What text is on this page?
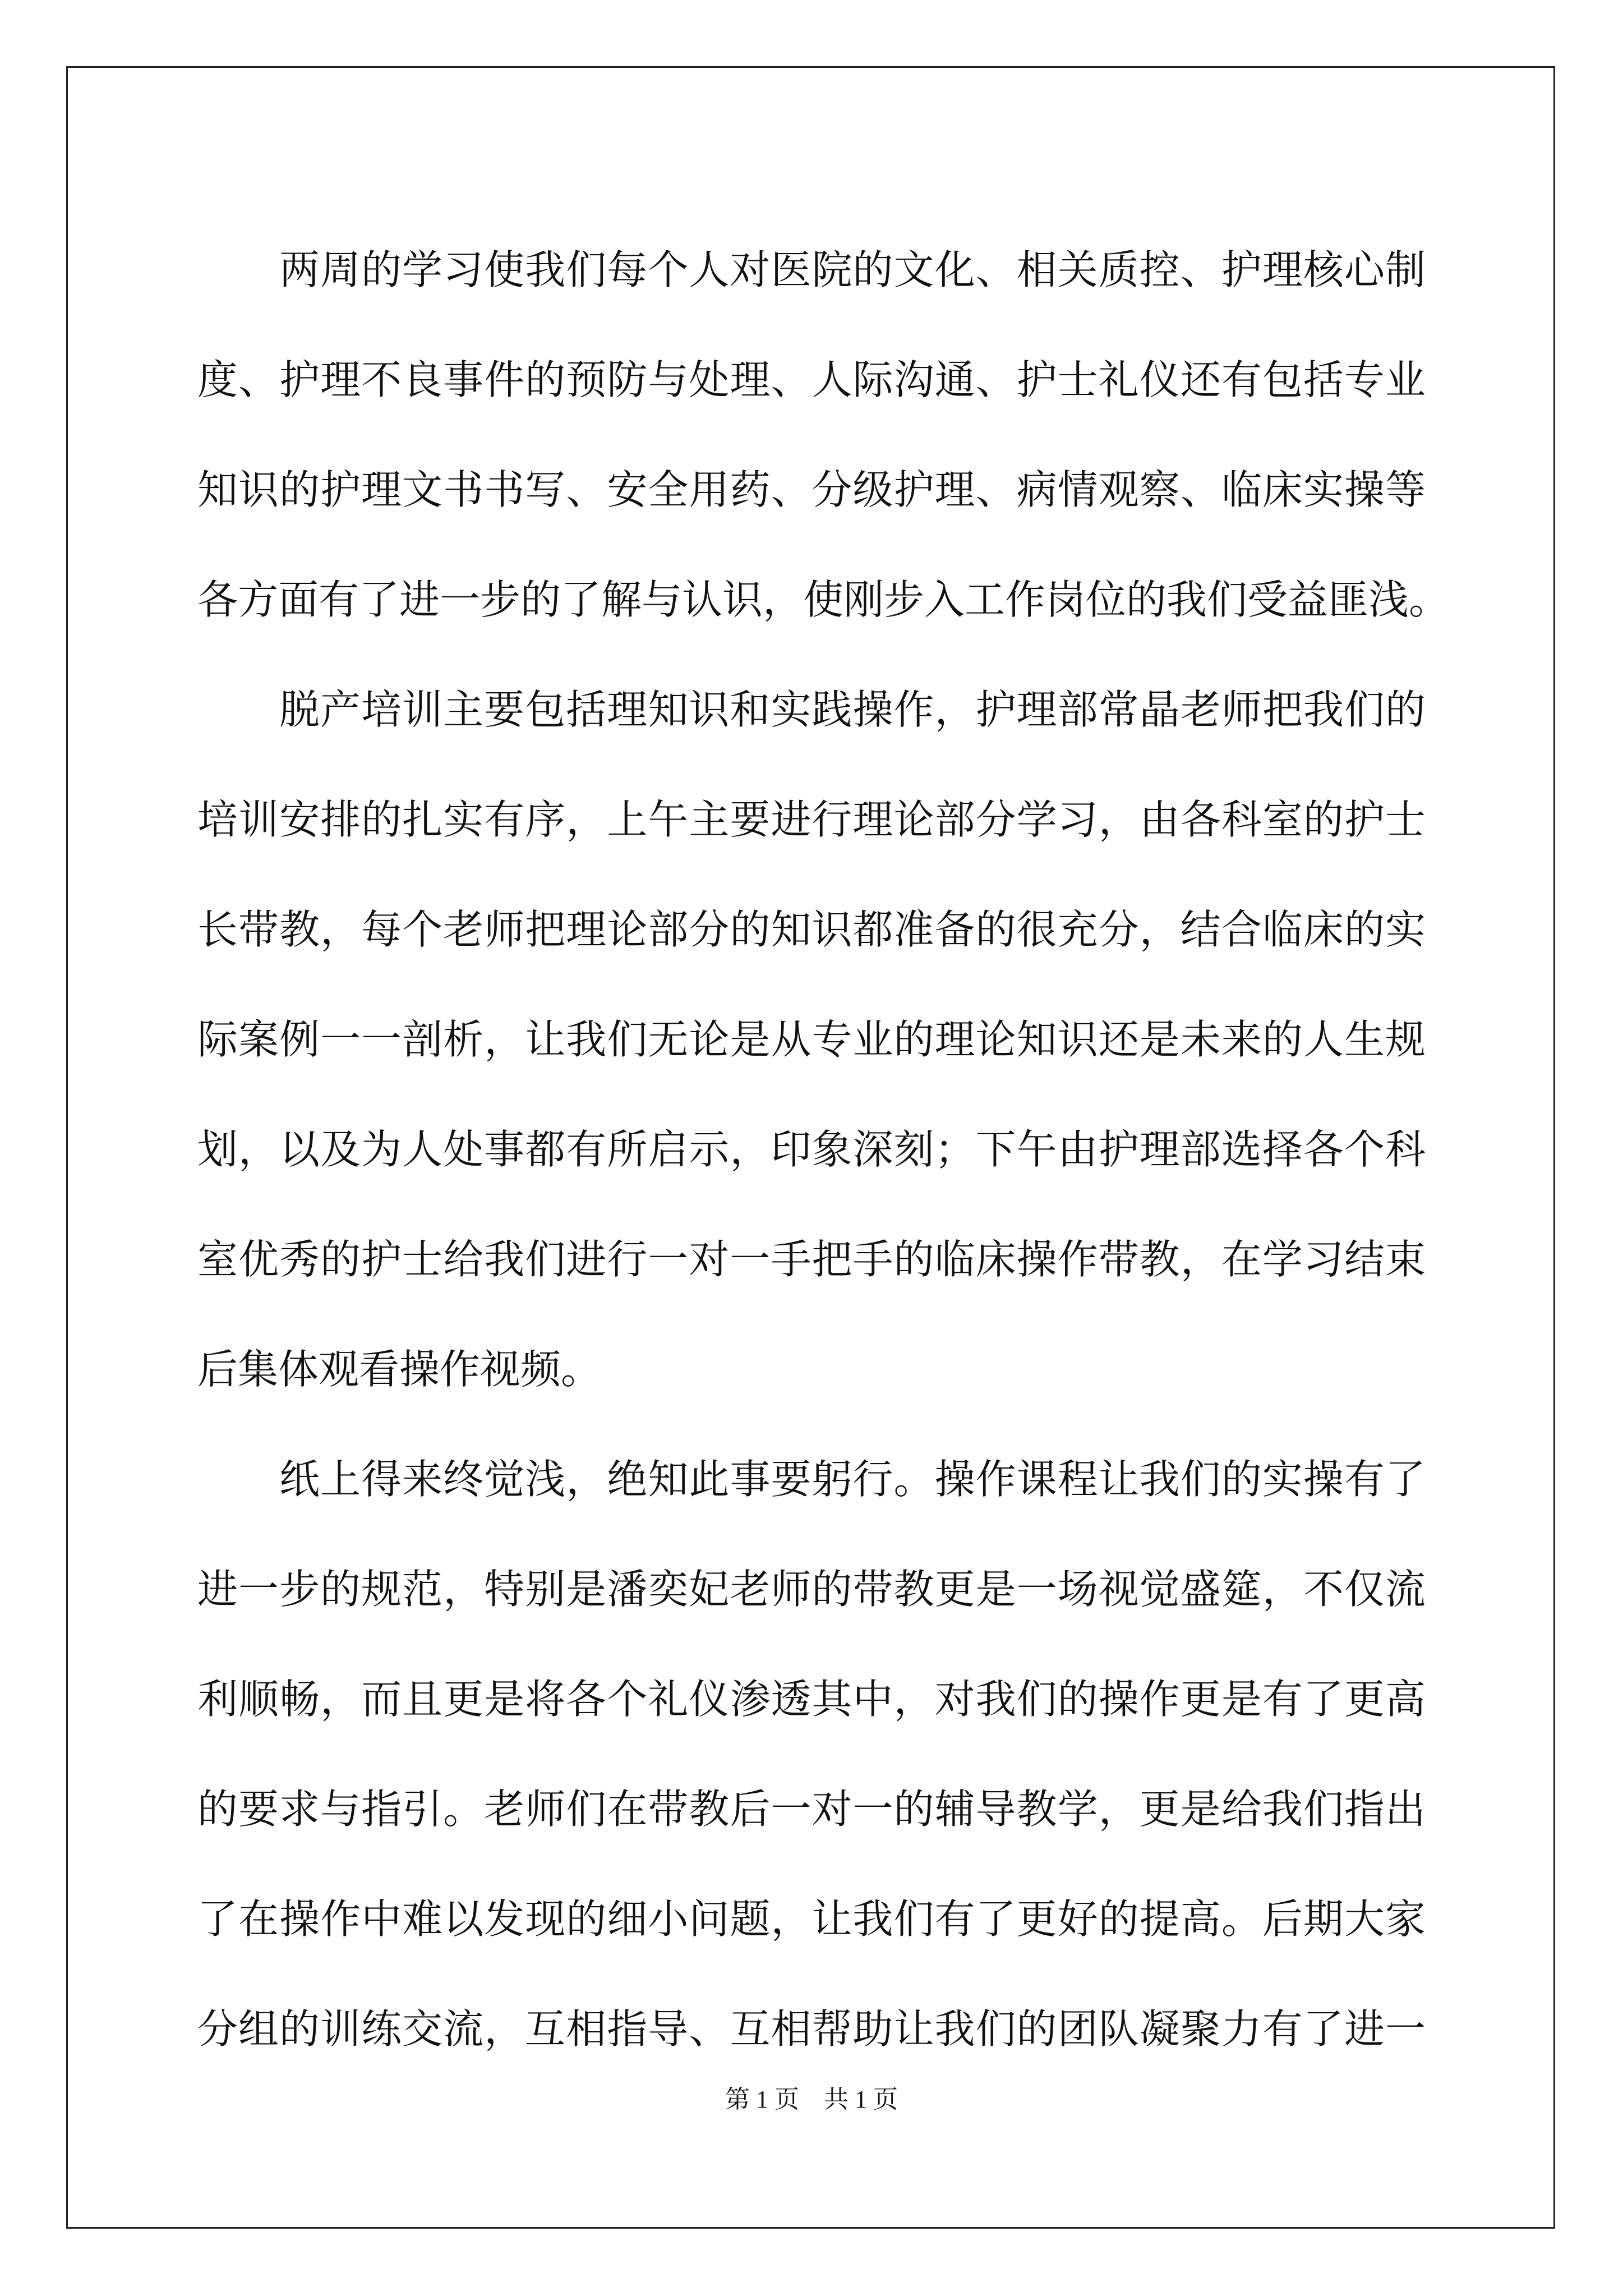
两周的学习使我们每个人对医院的文化、相关质控、护理核心制
度、护理不良事件的预防与处理、人际沟通、护士礼仪还有包括专业
知识的护理文书书写、安全用药、分级护理、病情观察、临床实操等
各方面有了进一步的了解与认识，使刚步入工作岗位的我们受益匪浅。
脱产培训主要包括理知识和实践操作，护理部常晶老师把我们的
培训安排的扎实有序，上午主要进行理论部分学习，由各科室的护士
长带教，每个老师把理论部分的知识都准备的很充分，结合临床的实
际案例一一剖析，让我们无论是从专业的理论知识还是未来的人生规
划，以及为人处事都有所启示，印象深刻；下午由护理部选择各个科
室优秀的护士给我们进行一对一手把手的临床操作带教，在学习结束
后集体观看操作视频。
纸上得来终觉浅，绝知此事要躬行。操作课程让我们的实操有了
进一步的规范，特别是潘奕妃老师的带教更是一场视觉盛筵，不仅流
利顺畅，而且更是将各个礼仪渗透其中，对我们的操作更是有了更高
的要求与指引。老师们在带教后一对一的辅导教学，更是给我们指出
了在操作中难以发现的细小问题，让我们有了更好的提高。后期大家
分组的训练交流，互相指导、互相帮助让我们的团队凝聚力有了进一
第 1 页　共 1 页
